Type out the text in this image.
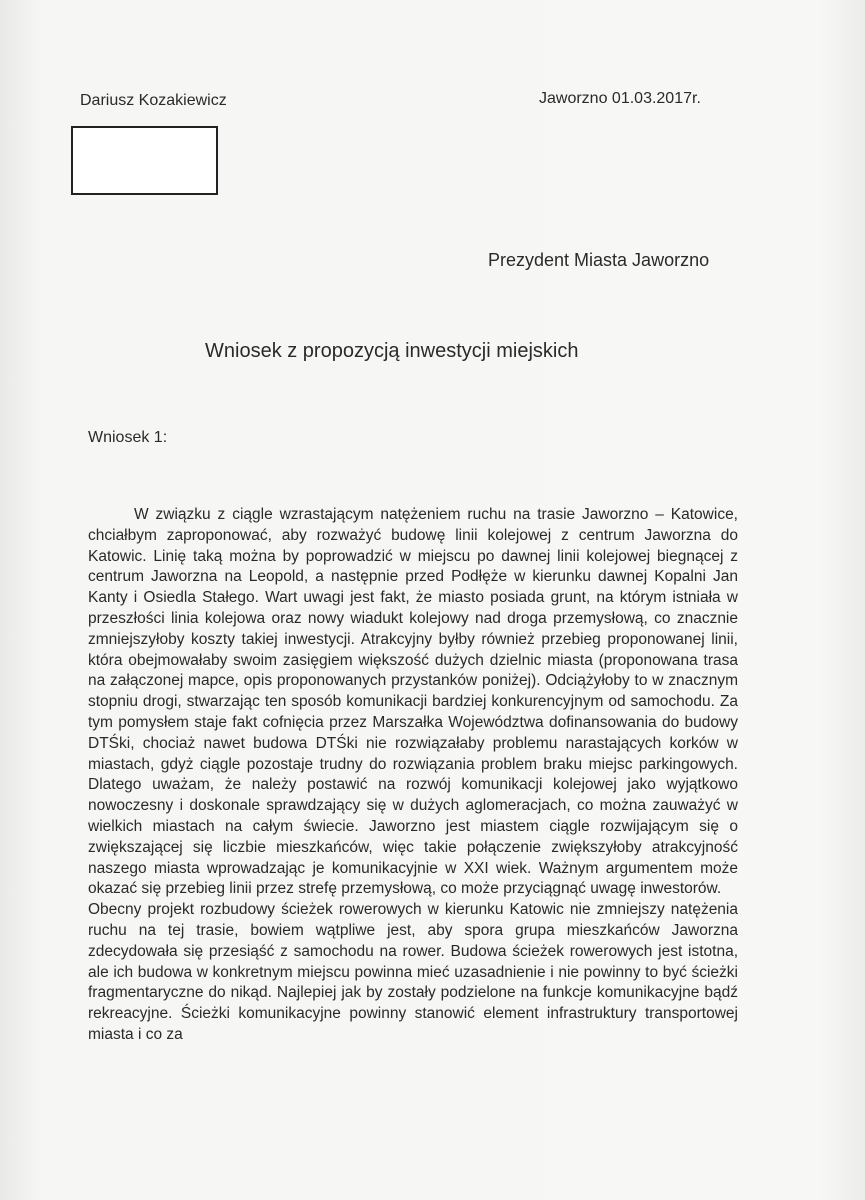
Dariusz Kozakiewicz	Jaworzno 01.03.2017r.
Prezydent Miasta Jaworzno
Wniosek z propozycją inwestycji miejskich
Wniosek 1:

W związku z ciągle wzrastającym natężeniem ruchu na trasie Jaworzno – Katowice, chciałbym zaproponować, aby rozważyć budowę linii kolejowej z centrum Jaworzna do Katowic. Linię taką można by poprowadzić w miejscu po dawnej linii kolejowej biegnącej z centrum Jaworzna na Leopold, a następnie przed Podłęże w kierunku dawnej Kopalni Jan Kanty i Osiedla Stałego. Wart uwagi jest fakt, że miasto posiada grunt, na którym istniała w przeszłości linia kolejowa oraz nowy wiadukt kolejowy nad droga przemysłową, co znacznie zmniejszyłoby koszty takiej inwestycji. Atrakcyjny byłby również przebieg proponowanej linii, która obejmowałaby swoim zasięgiem większość dużych dzielnic miasta (proponowana trasa na załączonej mapce, opis proponowanych przystanków poniżej). Odciążyłoby to w znacznym stopniu drogi, stwarzając ten sposób komunikacji bardziej konkurencyjnym od samochodu. Za tym pomysłem staje fakt cofnięcia przez Marszałka Województwa dofinansowania do budowy DTŚki, chociaż nawet budowa DTŚki nie rozwiązałaby problemu narastających korków w miastach, gdyż ciągle pozostaje trudny do rozwiązania problem braku miejsc parkingowych. Dlatego uważam, że należy postawić na rozwój komunikacji kolejowej jako wyjątkowo nowoczesny i doskonale sprawdzający się w dużych aglomeracjach, co można zauważyć w wielkich miastach na całym świecie. Jaworzno jest miastem ciągle rozwijającym się o zwiększającej się liczbie mieszkańców, więc takie połączenie zwiększyłoby atrakcyjność naszego miasta wprowadzając je komunikacyjnie w XXI wiek. Ważnym argumentem może okazać się przebieg linii przez strefę przemysłową, co może przyciągnąć uwagę inwestorów.

Obecny projekt rozbudowy ścieżek rowerowych w kierunku Katowic nie zmniejszy natężenia ruchu na tej trasie, bowiem wątpliwe jest, aby spora grupa mieszkańców Jaworzna zdecydowała się przesiąść z samochodu na rower. Budowa ścieżek rowerowych jest istotna, ale ich budowa w konkretnym miejscu powinna mieć uzasadnienie i nie powinny to być ścieżki fragmentaryczne do nikąd. Najlepiej jak by zostały podzielone na funkcje komunikacyjne bądź rekreacyjne. Ścieżki komunikacyjne powinny stanowić element infrastruktury transportowej miasta i co za
